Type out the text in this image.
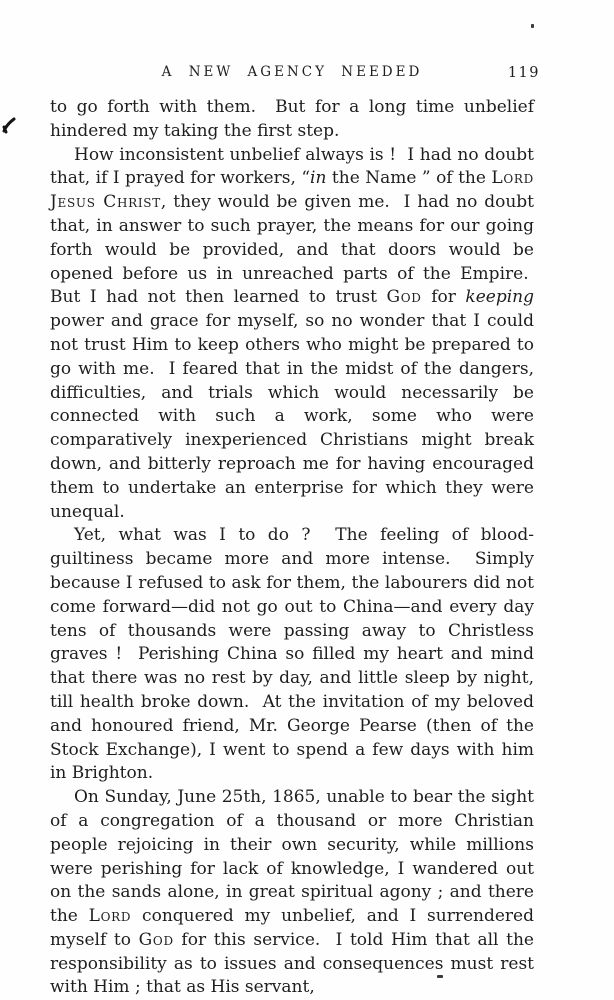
A NEW AGENCY NEEDED	119

to go forth with them.  But for a long time unbelief hindered my taking the first step.

How inconsistent unbelief always is !  I had no doubt that, if I prayed for workers, “in the Name ” of the Lord Jesus Christ, they would be given me.  I had no doubt that, in answer to such prayer, the means for our going forth would be provided, and that doors would be opened before us in unreached parts of the Empire.  But I had not then learned to trust God for keeping power and grace for myself, so no wonder that I could not trust Him to keep others who might be prepared to go with me.  I feared that in the midst of the dangers, difficulties, and trials which would necessarily be connected with such a work, some who were comparatively inexperienced Christians might break down, and bitterly reproach me for having encouraged them to undertake an enterprise for which they were unequal.

Yet, what was I to do ?  The feeling of blood-guiltiness became more and more intense.  Simply because I refused to ask for them, the labourers did not come forward—did not go out to China—and every day tens of thousands were passing away to Christless graves !  Perishing China so filled my heart and mind that there was no rest by day, and little sleep by night, till health broke down.  At the invitation of my beloved and honoured friend, Mr. George Pearse (then of the Stock Exchange), I went to spend a few days with him in Brighton.

On Sunday, June 25th, 1865, unable to bear the sight of a congregation of a thousand or more Christian people rejoicing in their own security, while millions were perishing for lack of knowledge, I wandered out on the sands alone, in great spiritual agony ; and there the Lord conquered my unbelief, and I surrendered myself to God for this service.  I told Him that all the responsibility as to issues and consequences must rest with Him ; that as His servant,
